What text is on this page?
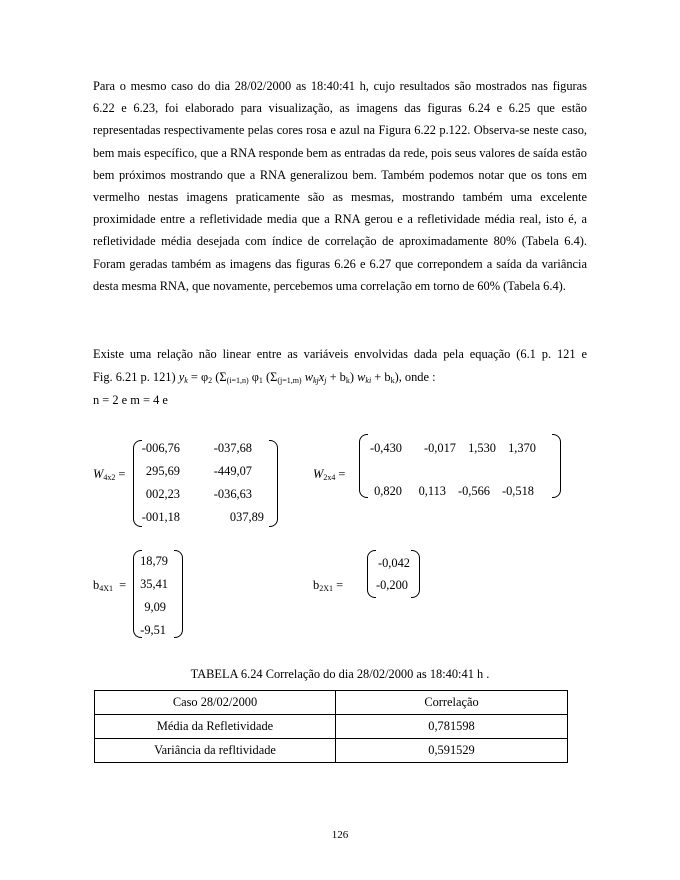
Para o mesmo caso do dia 28/02/2000 as 18:40:41 h, cujo resultados são mostrados nas figuras 6.22 e 6.23, foi elaborado para visualização, as imagens das figuras 6.24 e 6.25 que estão representadas respectivamente pelas cores rosa e azul na Figura 6.22 p.122. Observa-se neste caso, bem mais específico, que a RNA responde bem as entradas da rede, pois seus valores de saída estão bem próximos mostrando que a RNA generalizou bem. Também podemos notar que os tons em vermelho nestas imagens praticamente são as mesmas, mostrando também uma excelente proximidade entre a refletividade media que a RNA gerou e a refletividade média real, isto é, a refletividade média desejada com índice de correlação de aproximadamente 80% (Tabela 6.4). Foram geradas também as imagens das figuras 6.26 e 6.27 que correpondem a saída da variância desta mesma RNA, que novamente, percebemos uma correlação em torno de 60% (Tabela 6.4).

Existe uma relação não linear entre as variáveis envolvidas dada pela equação (6.1 p. 121 e
Fig. 6.21 p. 121) $y_k = \varphi_2$ ($\Sigma_{(i=1,n)}$ $\varphi_1$ ($\Sigma_{(j=1,m)}$ $w_{kj}x_j + b_k$) $w_{ki} + b_k$), onde :
n = 2 e m = 4 e
$W_{4x2}$ =
-006,76	-037,68
295,69	-449,07
002,23	-036,63
-001,18	037,89
$W_{2x4}$ =
-0,430	-0,017 1,530 1,370
0,820	0,113 -0,566 -0,518
$b_{4X1}$  =
18,79
35,41
9,09
-9,51
$b_{2X1}$ =
-0,042
-0,200
TABELA 6.24 Correlação do dia 28/02/2000 as 18:40:41 h .
Caso 28/02/2000	Correlação
Média da Refletividade	0,781598
Variância da refltividade	0,591529
126
